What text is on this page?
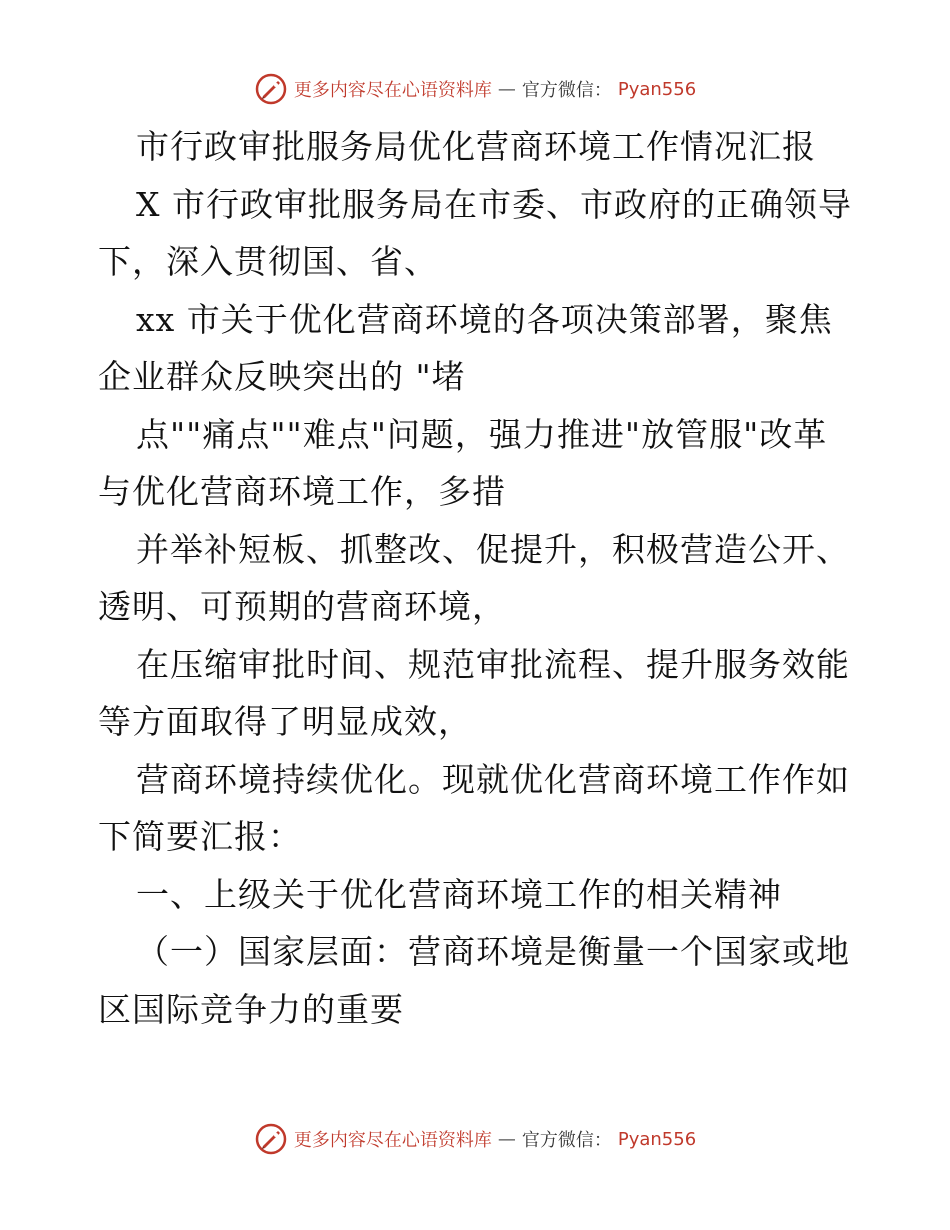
更多内容尽在心语资料库 — 官方微信： Pyan556
市行政审批服务局优化营商环境工作情况汇报
X 市行政审批服务局在市委、市政府的正确领导
下，深入贯彻国、省、
xx 市关于优化营商环境的各项决策部署，聚焦
企业群众反映突出的 "堵
点""痛点""难点"问题，强力推进"放管服"改革
与优化营商环境工作，多措
并举补短板、抓整改、促提升，积极营造公开、
透明、可预期的营商环境，
在压缩审批时间、规范审批流程、提升服务效能
等方面取得了明显成效，
营商环境持续优化。现就优化营商环境工作作如
下简要汇报：
一、上级关于优化营商环境工作的相关精神
（一）国家层面：营商环境是衡量一个国家或地
区国际竞争力的重要
更多内容尽在心语资料库 — 官方微信： Pyan556
